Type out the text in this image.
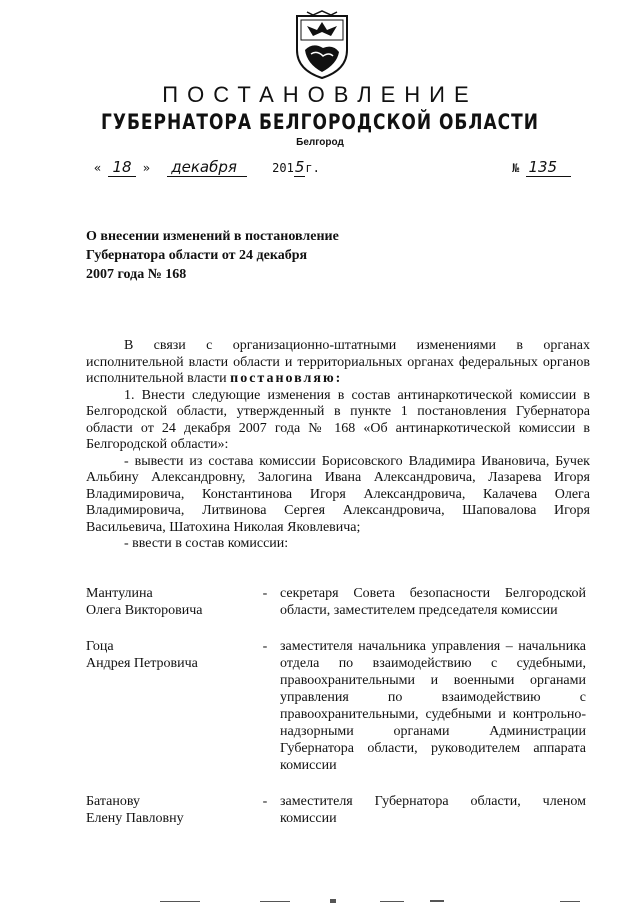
ПОСТАНОВЛЕНИЕ
ГУБЕРНАТОРА БЕЛГОРОДСКОЙ ОБЛАСТИ
Белгород
« 18 » декабря	2015г.	№ 135
О внесении изменений в постановление
Губернатора области от 24 декабря
2007 года № 168

В связи с организационно-штатными изменениями в органах исполнительной власти области и территориальных органах федеральных органов исполнительной власти постановляю:

1. Внести следующие изменения в состав антинаркотической комиссии в Белгородской области, утвержденный в пункте 1 постановления Губернатора области от 24 декабря 2007 года № 168 «Об антинаркотической комиссии в Белгородской области»:

- вывести из состава комиссии Борисовского Владимира Ивановича, Бучек Альбину Александровну, Залогина Ивана Александровича, Лазарева Игоря Владимировича, Константинова Игоря Александровича, Калачева Олега Владимировича, Литвинова Сергея Александровича, Шаповалова Игоря Васильевича, Шатохина Николая Яковлевича;

- ввести в состав комиссии:

Мантулина
Олега Викторовича
- секретаря Совета безопасности Белгородской области, заместителем председателя комиссии
Гоца
Андрея Петровича
- заместителя начальника управления – начальника отдела по взаимодействию с судебными, правоохранительными и военными органами управления по взаимодействию с правоохранительными, судебными и контрольно-надзорными органами Администрации Губернатора области, руководителем аппарата комиссии
Батанову
Елену Павловну
- заместителя Губернатора области, членом комиссии
